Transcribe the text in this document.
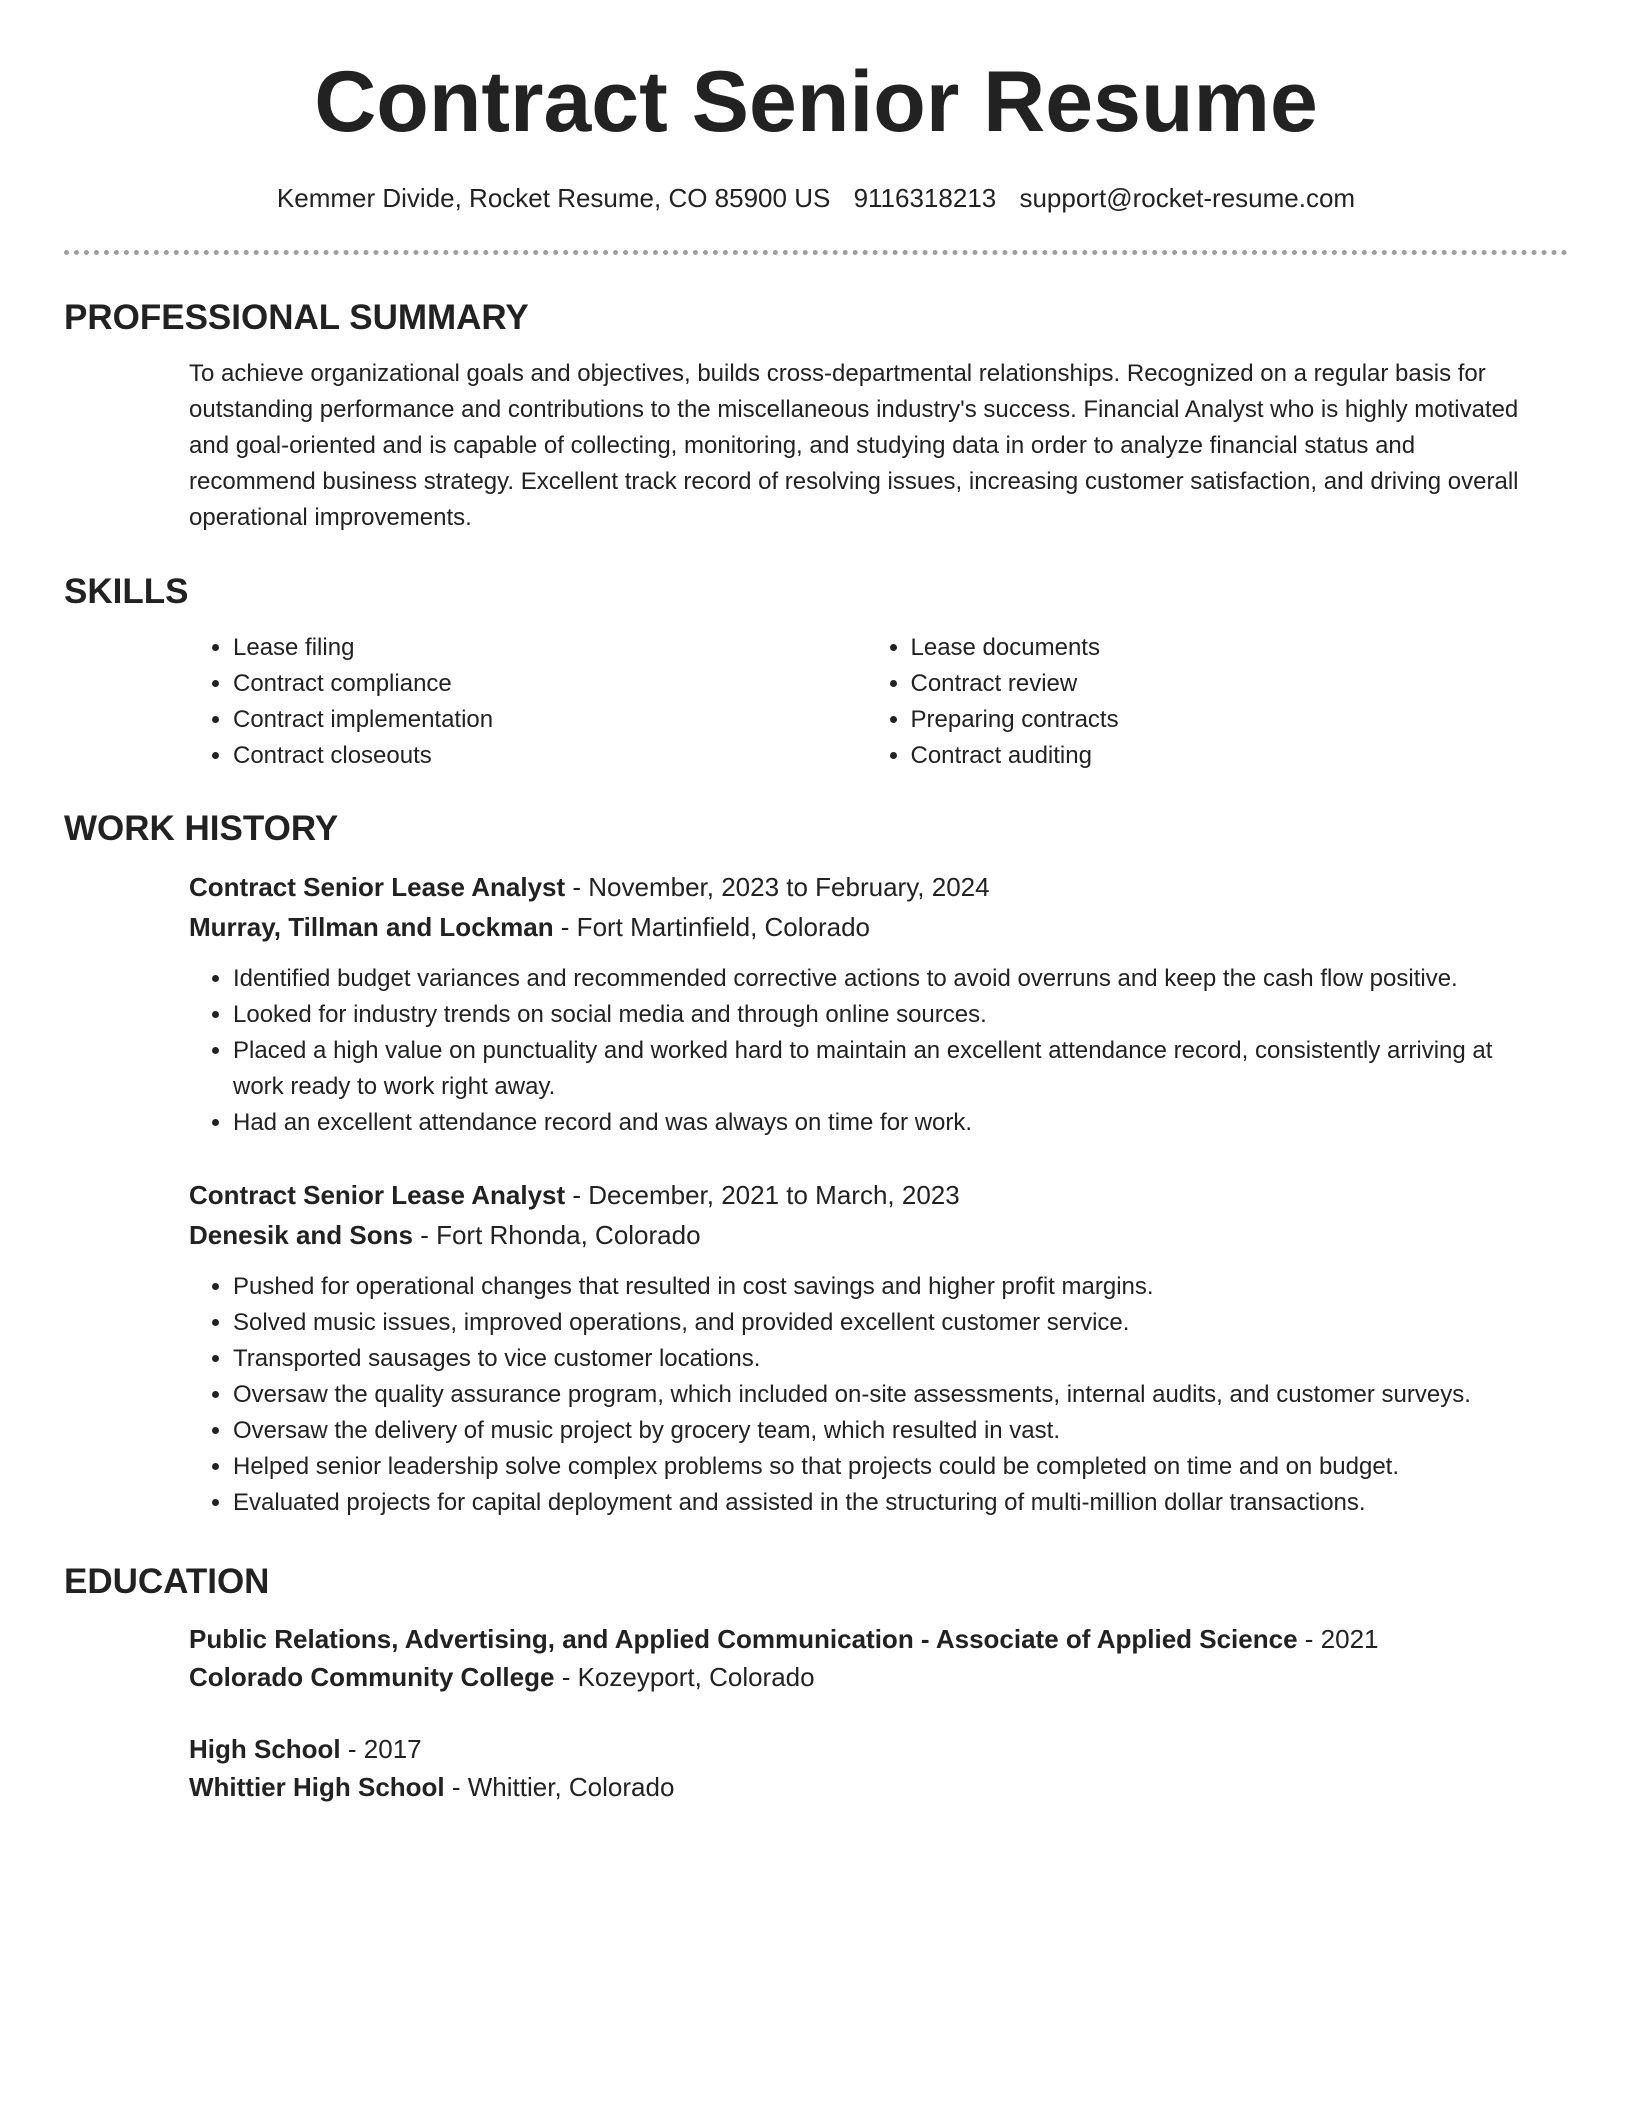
Contract Senior Resume
Kemmer Divide, Rocket Resume, CO 85900 US 9116318213 support@rocket-resume.com
PROFESSIONAL SUMMARY

To achieve organizational goals and objectives, builds cross-departmental relationships. Recognized on a regular basis for outstanding performance and contributions to the miscellaneous industry's success. Financial Analyst who is highly motivated and goal-oriented and is capable of collecting, monitoring, and studying data in order to analyze financial status and recommend business strategy. Excellent track record of resolving issues, increasing customer satisfaction, and driving overall operational improvements.

SKILLS
• Lease filing
• Contract compliance
• Contract implementation
• Contract closeouts
• Lease documents
• Contract review
• Preparing contracts
• Contract auditing
WORK HISTORY
Contract Senior Lease Analyst - November, 2023 to February, 2024
Murray, Tillman and Lockman - Fort Martinfield, Colorado
• Identified budget variances and recommended corrective actions to avoid overruns and keep the cash flow positive.
• Looked for industry trends on social media and through online sources.
• Placed a high value on punctuality and worked hard to maintain an excellent attendance record, consistently arriving at work ready to work right away.
• Had an excellent attendance record and was always on time for work.
Contract Senior Lease Analyst - December, 2021 to March, 2023
Denesik and Sons - Fort Rhonda, Colorado
• Pushed for operational changes that resulted in cost savings and higher profit margins.
• Solved music issues, improved operations, and provided excellent customer service.
• Transported sausages to vice customer locations.
• Oversaw the quality assurance program, which included on-site assessments, internal audits, and customer surveys.
• Oversaw the delivery of music project by grocery team, which resulted in vast.
• Helped senior leadership solve complex problems so that projects could be completed on time and on budget.
• Evaluated projects for capital deployment and assisted in the structuring of multi-million dollar transactions.
EDUCATION
Public Relations, Advertising, and Applied Communication - Associate of Applied Science - 2021
Colorado Community College - Kozeyport, Colorado
High School - 2017
Whittier High School - Whittier, Colorado
